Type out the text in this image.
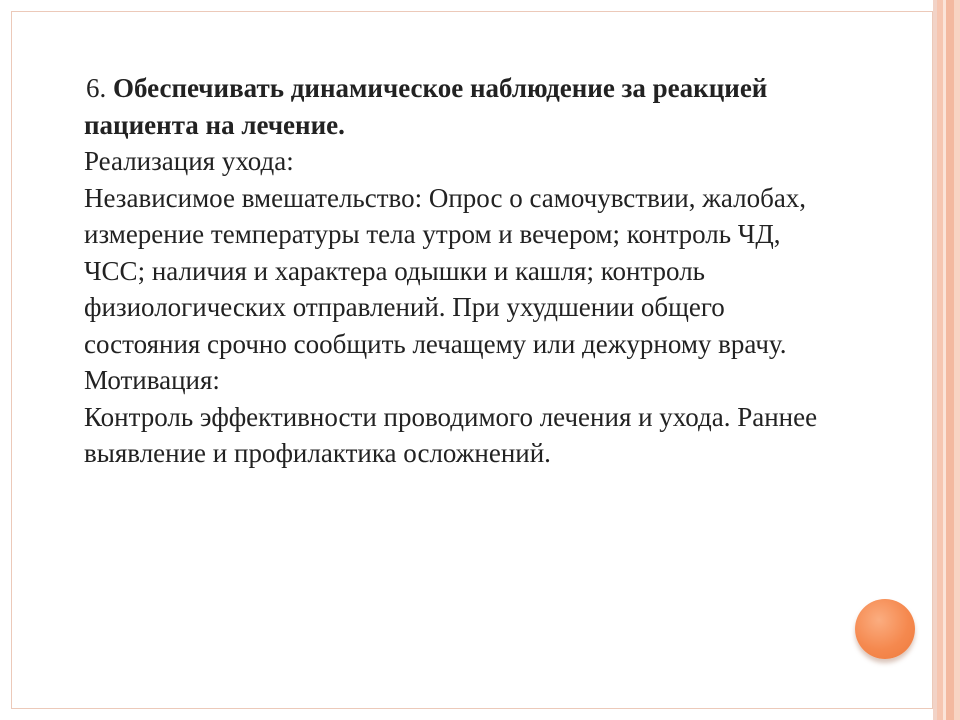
6. Обеспечивать динамическое наблюдение за реакцией пациента на лечение.

Реализация ухода:

Независимое вмешательство: Опрос о самочувствии, жалобах, измерение температуры тела утром и вечером; контроль ЧД, ЧСС; наличия и характера одышки и кашля; контроль физиологических отправлений. При ухудшении общего состояния срочно сообщить лечащему или дежурному врачу.

Мотивация:

Контроль эффективности проводимого лечения и ухода. Раннее выявление и профилактика осложнений.
